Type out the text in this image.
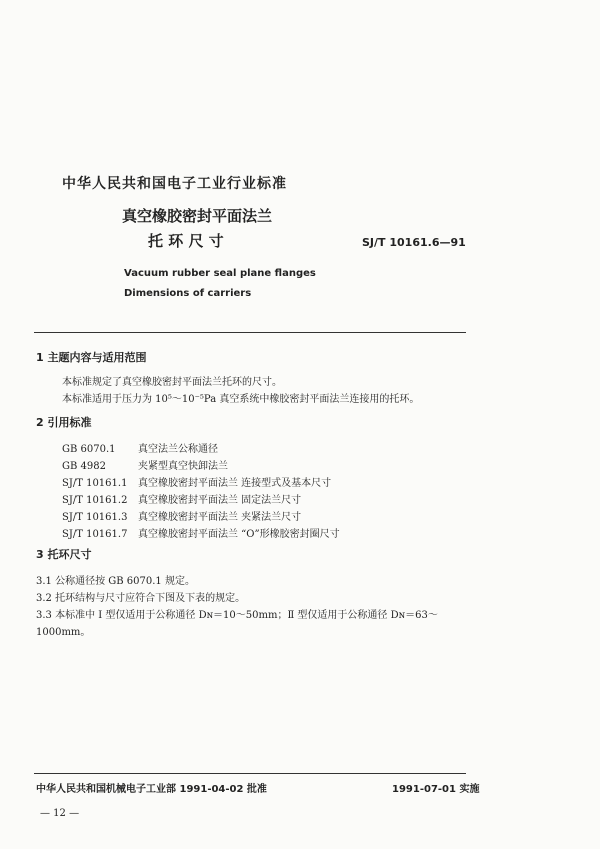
中华人民共和国电子工业行业标准
真空橡胶密封平面法兰
托 环 尺 寸	SJ/T 10161.6—91
Vacuum rubber seal plane flanges
Dimensions of carriers
1 主题内容与适用范围
本标准规定了真空橡胶密封平面法兰托环的尺寸。
本标准适用于压力为 10⁵～10⁻⁵Pa 真空系统中橡胶密封平面法兰连接用的托环。
2 引用标准
GB 6070.1 真空法兰公称通径
GB 4982	夹紧型真空快卸法兰
SJ/T 10161.1 真空橡胶密封平面法兰 连接型式及基本尺寸
SJ/T 10161.2 真空橡胶密封平面法兰 固定法兰尺寸
SJ/T 10161.3 真空橡胶密封平面法兰 夹紧法兰尺寸
SJ/T 10161.7 真空橡胶密封平面法兰 “O”形橡胶密封圈尺寸
3 托环尺寸
3.1 公称通径按 GB 6070.1 规定。
3.2 托环结构与尺寸应符合下图及下表的规定。
3.3 本标准中 Ⅰ 型仅适用于公称通径 Dɴ＝10～50mm；Ⅱ 型仅适用于公称通径 Dɴ＝63～
1000mm。
中华人民共和国机械电子工业部 1991-04-02 批准	1991-07-01 实施
— 12 —
